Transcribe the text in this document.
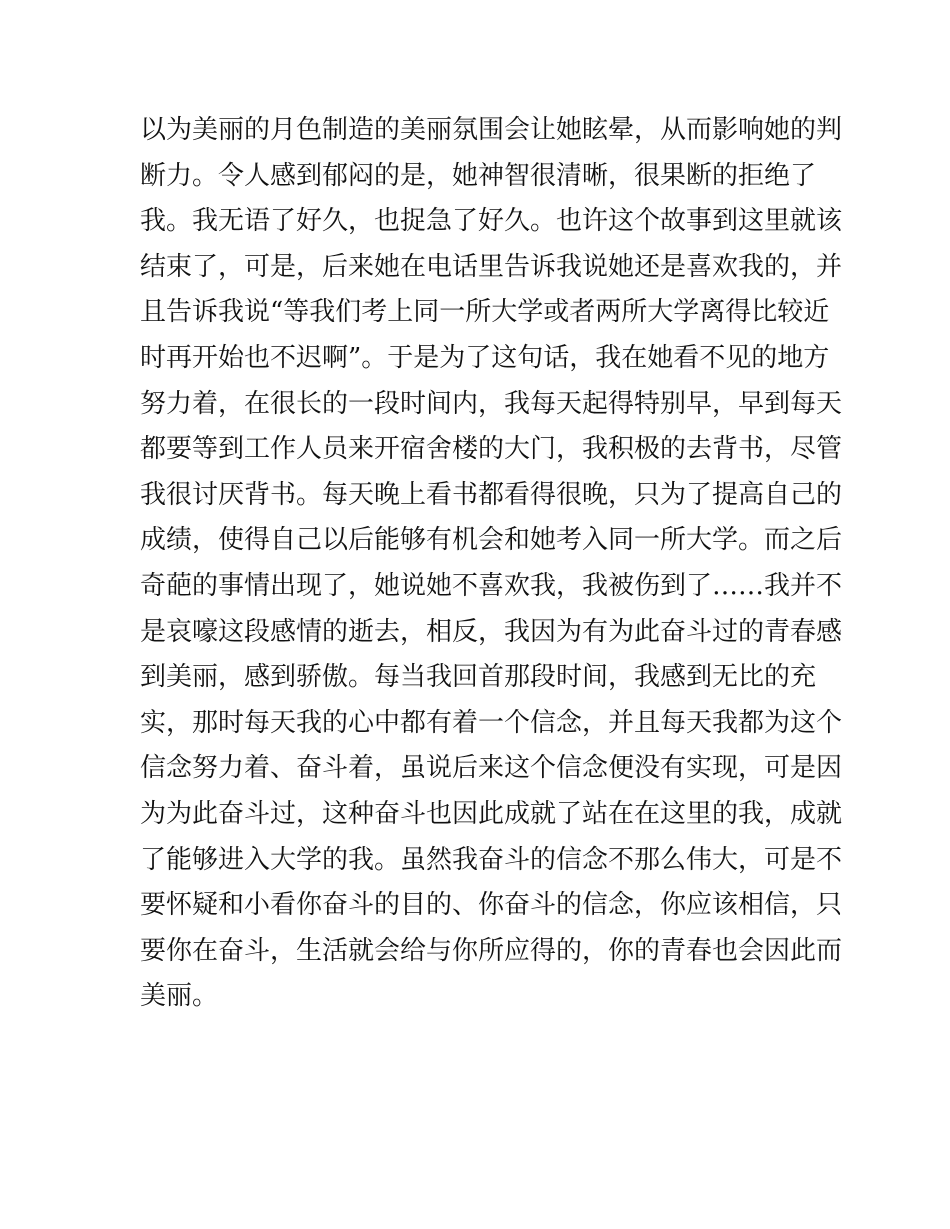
以为美丽的月色制造的美丽氛围会让她眩晕，从而影响她的判
断力。令人感到郁闷的是，她神智很清晰，很果断的拒绝了
我。我无语了好久，也捉急了好久。也许这个故事到这里就该
结束了，可是，后来她在电话里告诉我说她还是喜欢我的，并
且告诉我说“等我们考上同一所大学或者两所大学离得比较近
时再开始也不迟啊”。于是为了这句话，我在她看不见的地方
努力着，在很长的一段时间内，我每天起得特别早，早到每天
都要等到工作人员来开宿舍楼的大门，我积极的去背书，尽管
我很讨厌背书。每天晚上看书都看得很晚，只为了提高自己的
成绩，使得自己以后能够有机会和她考入同一所大学。而之后
奇葩的事情出现了，她说她不喜欢我，我被伤到了……我并不
是哀嚎这段感情的逝去，相反，我因为有为此奋斗过的青春感
到美丽，感到骄傲。每当我回首那段时间，我感到无比的充
实，那时每天我的心中都有着一个信念，并且每天我都为这个
信念努力着、奋斗着，虽说后来这个信念便没有实现，可是因
为为此奋斗过，这种奋斗也因此成就了站在在这里的我，成就
了能够进入大学的我。虽然我奋斗的信念不那么伟大，可是不
要怀疑和小看你奋斗的目的、你奋斗的信念，你应该相信，只
要你在奋斗，生活就会给与你所应得的，你的青春也会因此而
美丽。
